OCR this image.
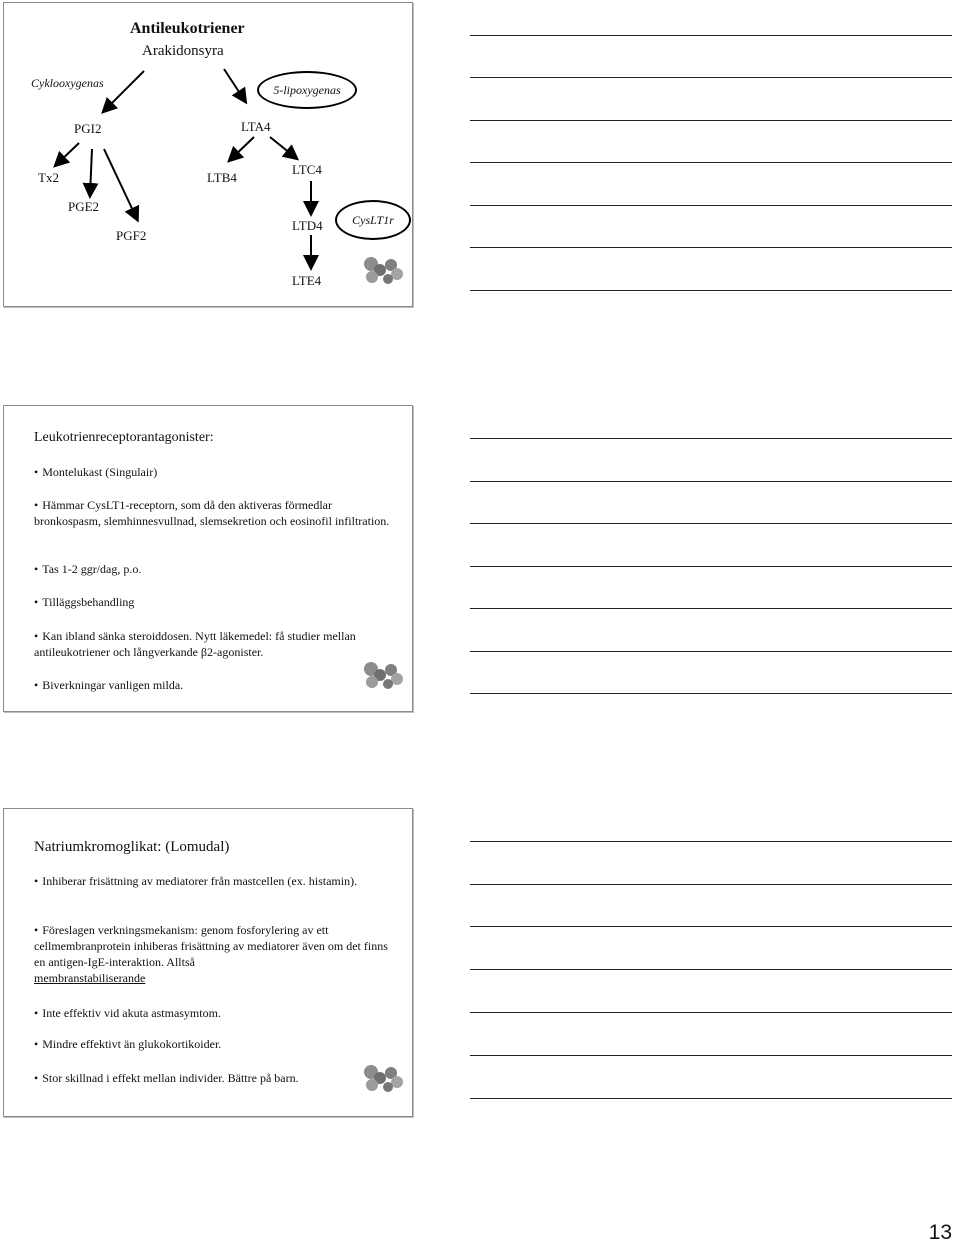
Antileukotriener
Arakidonsyra
Cyklooxygenas	5-lipoxygenas
PGI2	LTA4
Tx2	LTB4
LTC4
PGE2
LTD4 CysLT1r
PGF2
LTE4
Leukotrienreceptorantagonister:
• Montelukast (Singulair)
• Hämmar CysLT1-receptorn, som då den aktiveras förmedlar bronkospasm, slemhinnesvullnad, slemsekretion och eosinofil infiltration.
• Tas 1-2 ggr/dag, p.o.
• Tilläggsbehandling
• Kan ibland sänka steroiddosen. Nytt läkemedel: få studier mellan antileukotriener och långverkande β2-agonister.
• Biverkningar vanligen milda.
Natriumkromoglikat: (Lomudal)
• Inhiberar frisättning av mediatorer från mastcellen (ex. histamin).
• Föreslagen verkningsmekanism: genom fosforylering av ett cellmembranprotein inhiberas frisättning av mediatorer även om det finns en antigen-IgE-interaktion. Alltså
membranstabiliserande
• Inte effektiv vid akuta astmasymtom.
• Mindre effektivt än glukokortikoider.
• Stor skillnad i effekt mellan individer. Bättre på barn.
13
